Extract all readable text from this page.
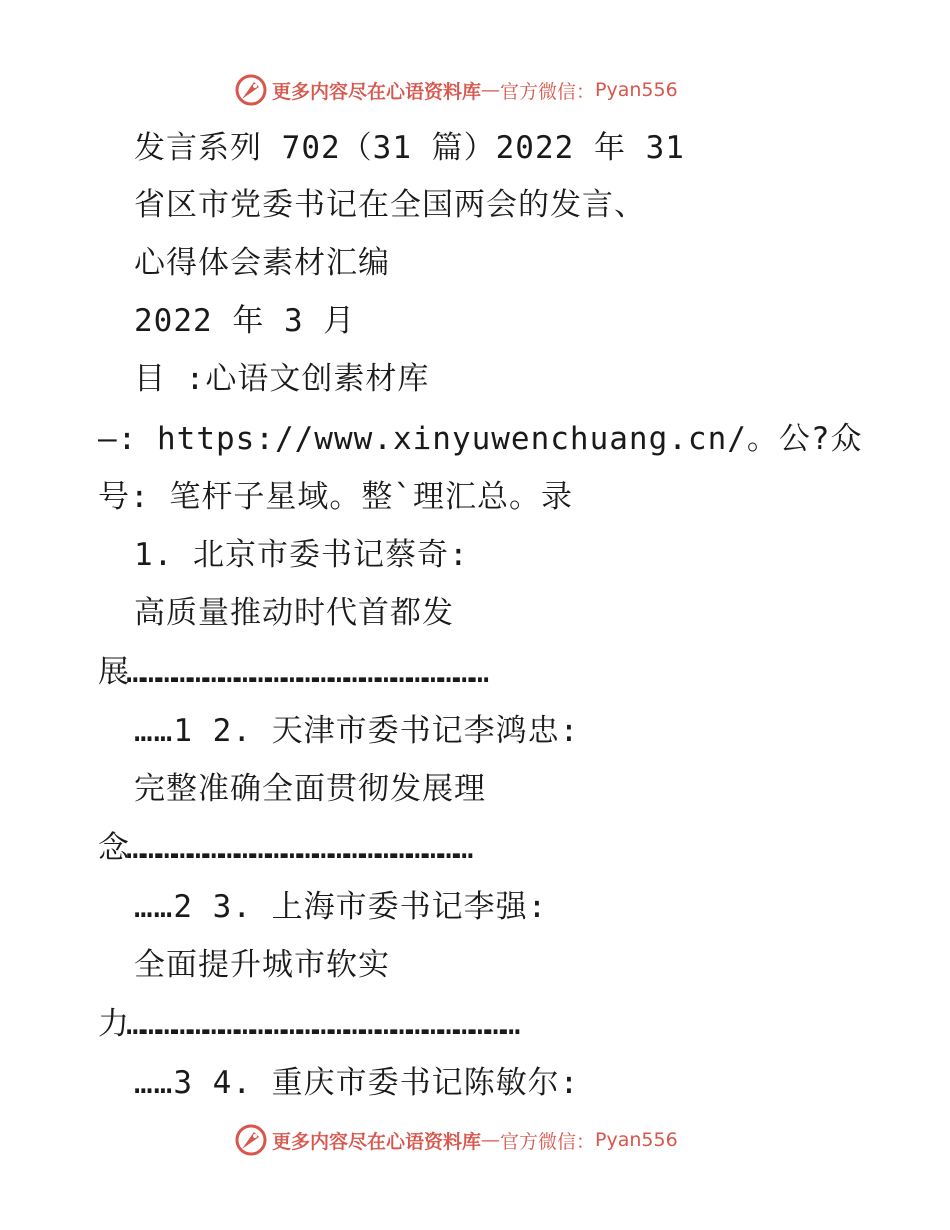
更多内容尽在心语资料库 — 官方微信： Pyan556
发言系列 702（31 篇）2022 年 31
省区市党委书记在全国两会的发言、
心得体会素材汇编
2022 年 3 月
目 :心语文创素材库
—: https://www.xinyuwenchuang.cn/。公?众
号: 笔杆子星域。整`理汇总。录
1. 北京市委书记蔡奇:
高质量推动时代首都发
展……………………………………………………………
……1 2. 天津市委书记李鸿忠:
完整准确全面贯彻发展理
念…………………………………………………………
……2 3. 上海市委书记李强:
全面提升城市软实
力…………………………………………………………………
……3 4. 重庆市委书记陈敏尔:
更多内容尽在心语资料库 — 官方微信： Pyan556
